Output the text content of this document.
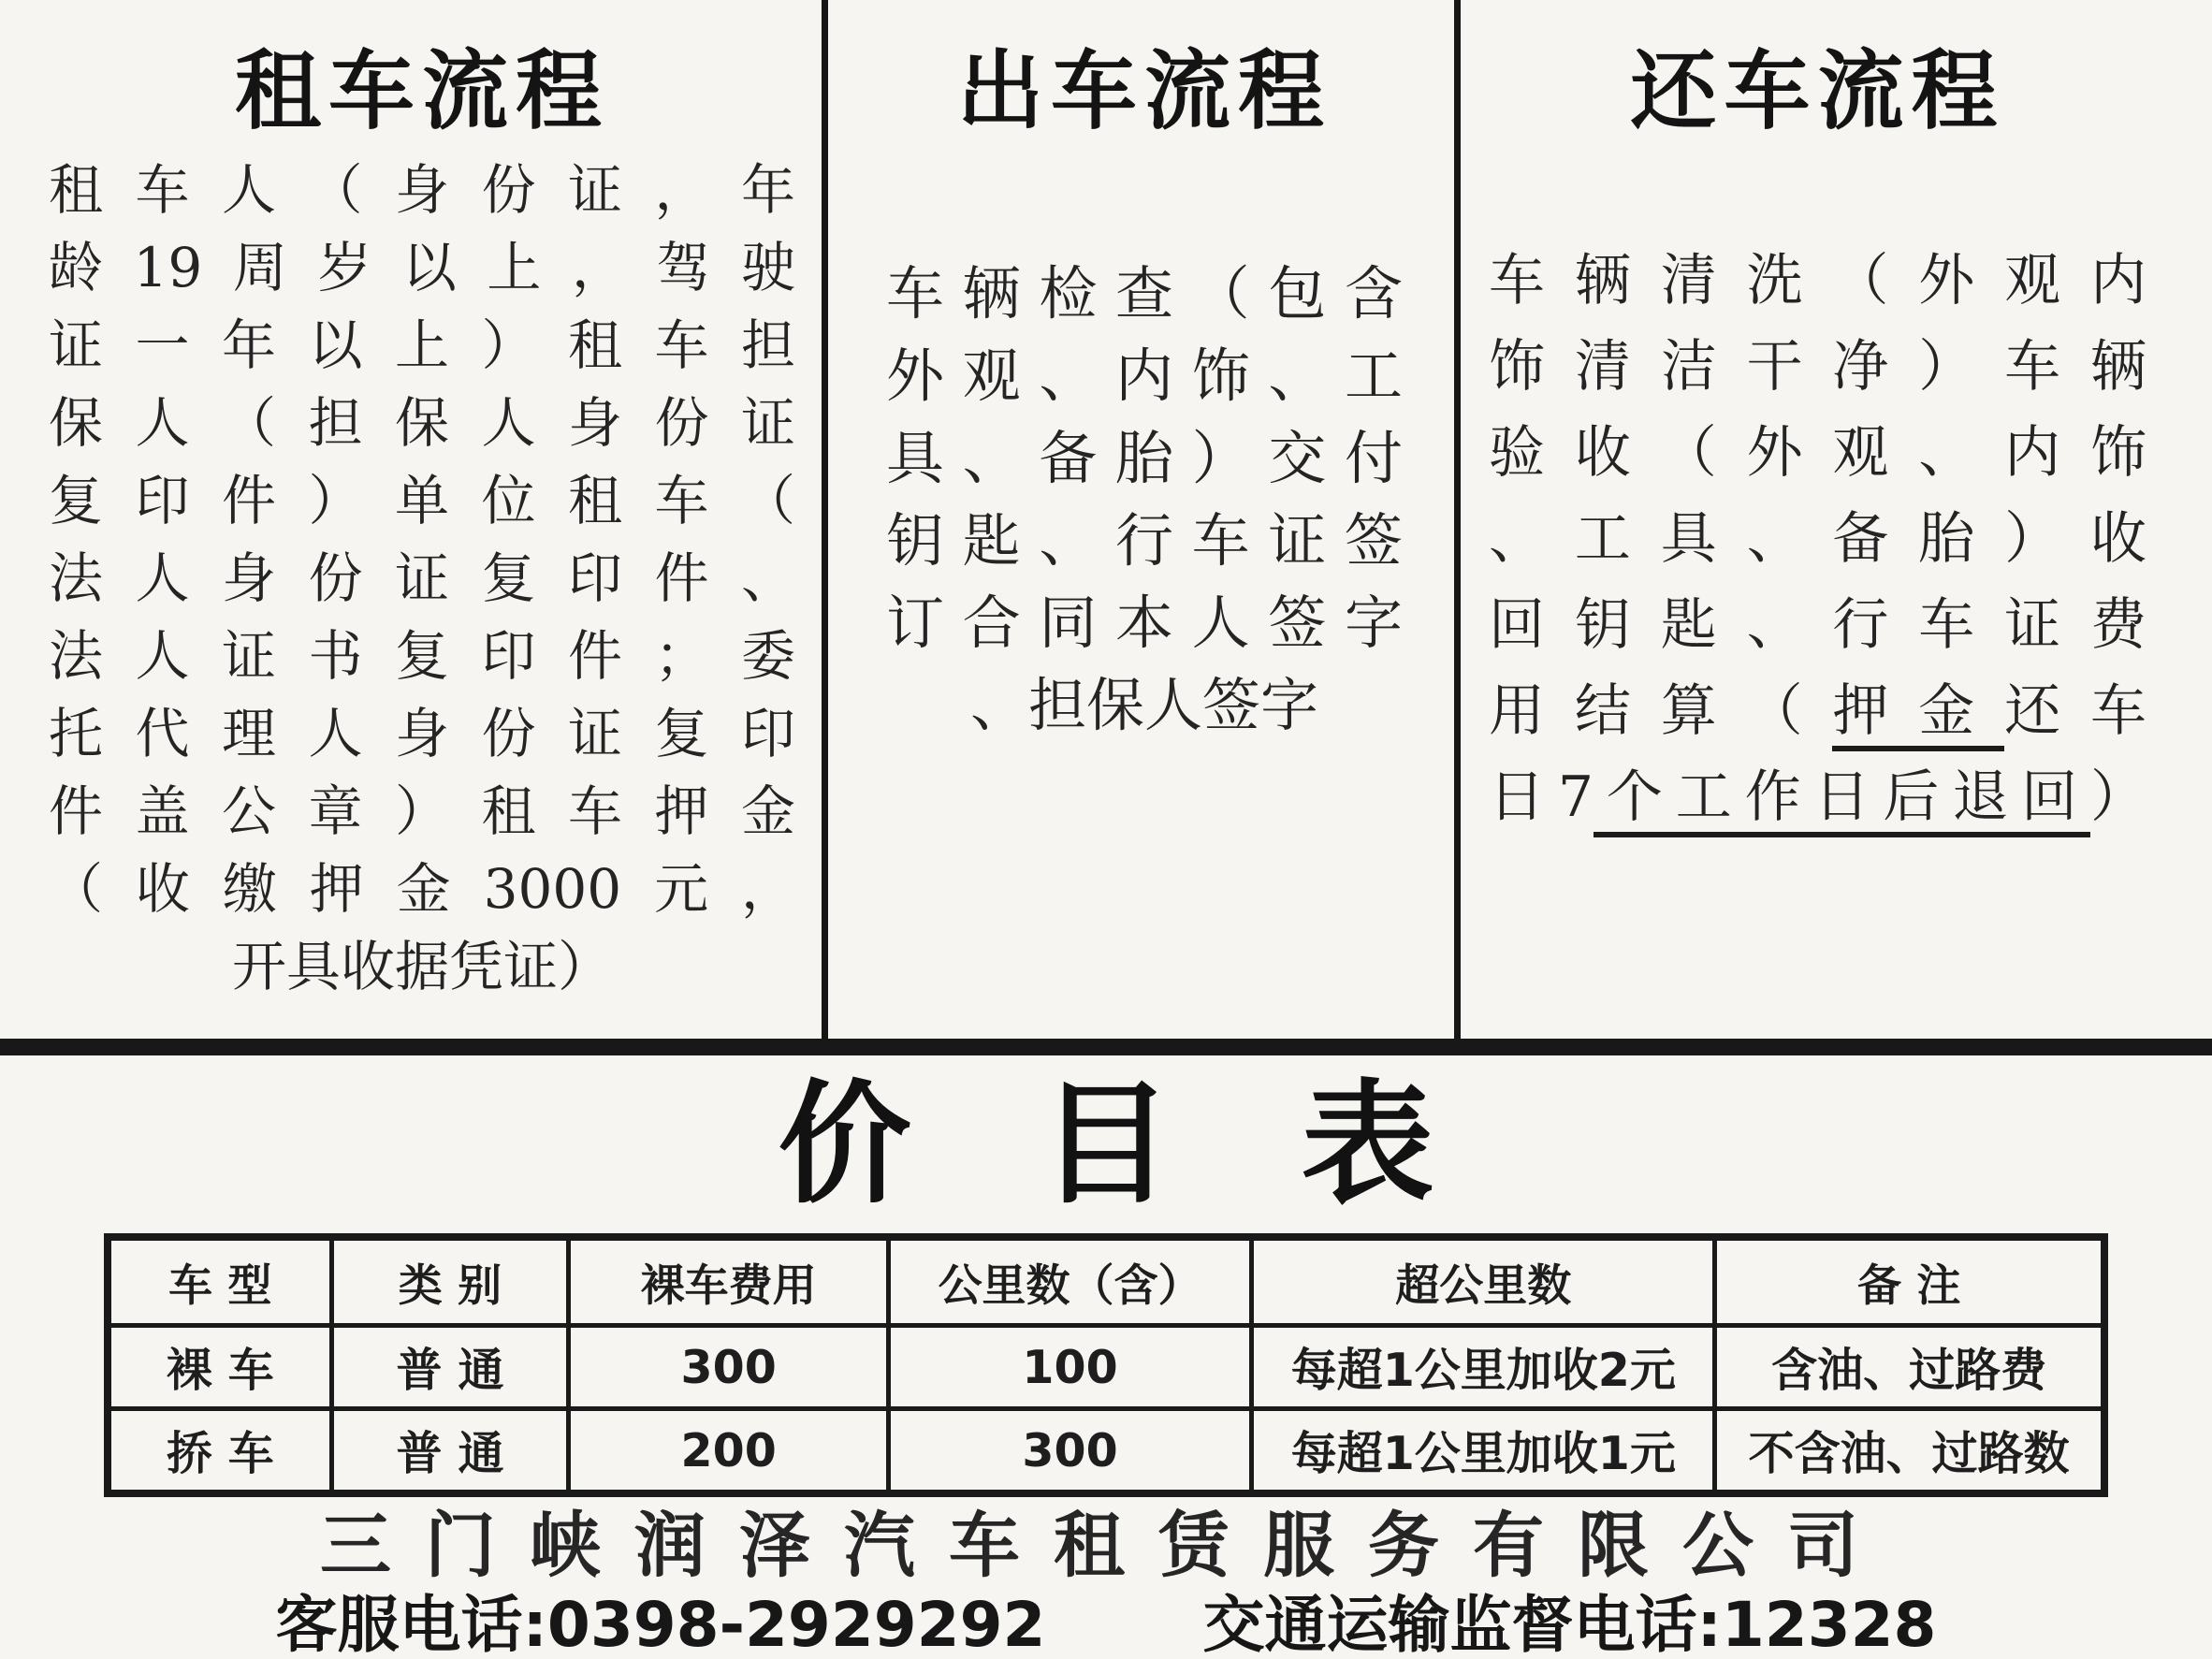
租车流程
租车人（身份证，年
龄19周岁以上，驾驶
证一年以上）租车担
保人（担保人身份证
复印件）单位租车（
法人身份证复印件、
法人证书复印件；委
托代理人身份证复印
件盖公章）租车押金
（收缴押金3000元，
开具收据凭证）
出车流程
车辆检查（包含
外观、内饰、工
具、备胎）交付
钥匙、行车证签
订合同本人签字
、担保人签字
还车流程
车辆清洗（外观内
饰清洁干净）车辆
验收（外观、内饰
、工具、备胎）收
回钥匙、行车证费
用结算（押金还车
日7个工作日后退回）
价 目 表
车 型	类 别	裸车费用	公里数（含）	超公里数	备 注
裸 车	普 通	300	100	每超1公里加收2元	含油、过路费
挢 车	普 通	200	300	每超1公里加收1元	不含油、过路数
三门峡润泽汽车租赁服务有限公司
客服电话:0398-2929292	交通运输监督电话:12328
